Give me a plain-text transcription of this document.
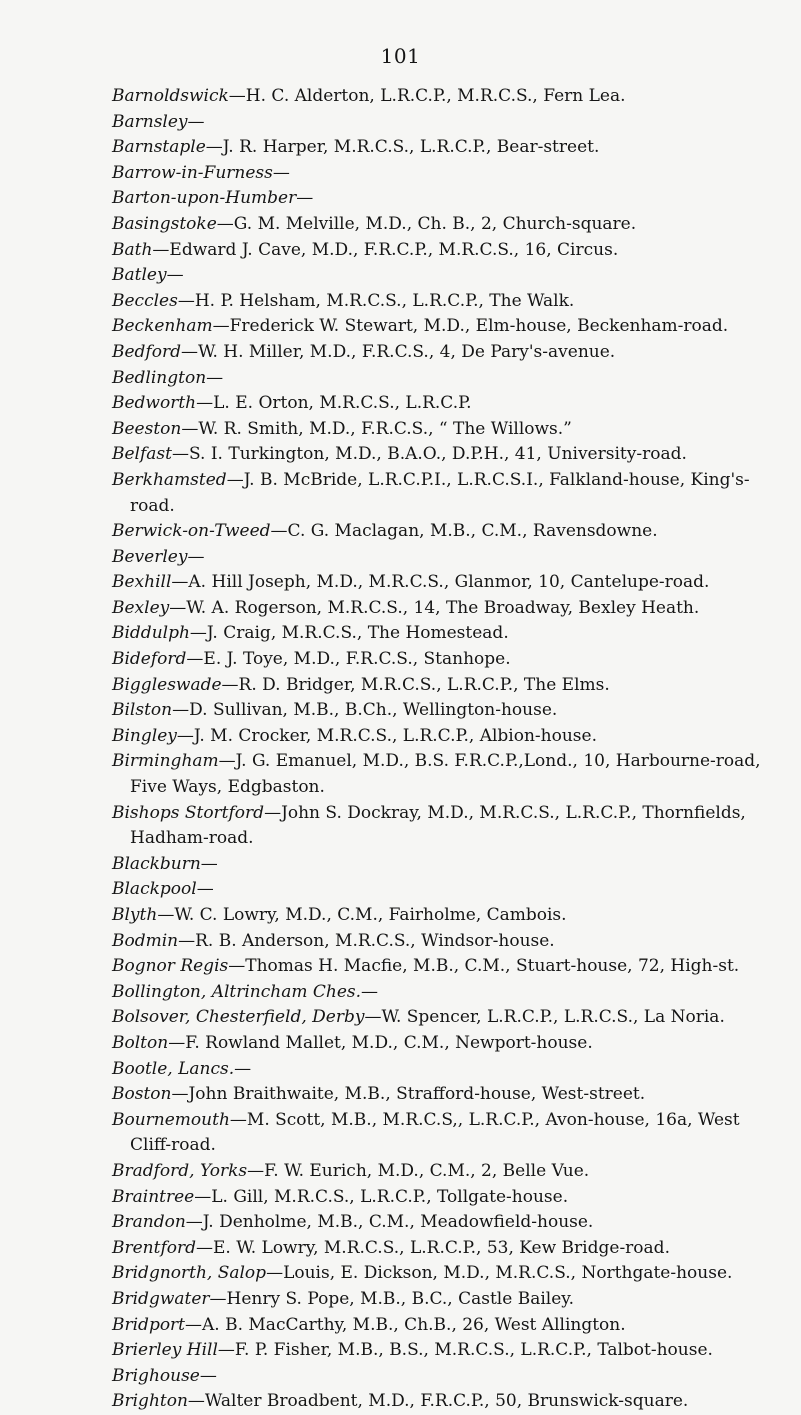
101
Barnoldswick—H. C. Alderton, L.R.C.P., M.R.C.S., Fern Lea.
Barnsley—
Barnstaple—J. R. Harper, M.R.C.S., L.R.C.P., Bear-street.
Barrow-in-Furness—
Barton-upon-Humber—
Basingstoke—G. M. Melville, M.D., Ch. B., 2, Church-square.
Bath—Edward J. Cave, M.D., F.R.C.P., M.R.C.S., 16, Circus.
Batley—
Beccles—H. P. Helsham, M.R.C.S., L.R.C.P., The Walk.
Beckenham—Frederick W. Stewart, M.D., Elm-house, Beckenham-road.
Bedford—W. H. Miller, M.D., F.R.C.S., 4, De Pary's-avenue.
Bedlington—
Bedworth—L. E. Orton, M.R.C.S., L.R.C.P.
Beeston—W. R. Smith, M.D., F.R.C.S., “ The Willows.”
Belfast—S. I. Turkington, M.D., B.A.O., D.P.H., 41, University-road.
Berkhamsted—J. B. McBride, L.R.C.P.I., L.R.C.S.I., Falkland-house, King's-road.
Berwick-on-Tweed—C. G. Maclagan, M.B., C.M., Ravensdowne.
Beverley—
Bexhill—A. Hill Joseph, M.D., M.R.C.S., Glanmor, 10, Cantelupe-road.
Bexley—W. A. Rogerson, M.R.C.S., 14, The Broadway, Bexley Heath.
Biddulph—J. Craig, M.R.C.S., The Homestead.
Bideford—E. J. Toye, M.D., F.R.C.S., Stanhope.
Biggleswade—R. D. Bridger, M.R.C.S., L.R.C.P., The Elms.
Bilston—D. Sullivan, M.B., B.Ch., Wellington-house.
Bingley—J. M. Crocker, M.R.C.S., L.R.C.P., Albion-house.
Birmingham—J. G. Emanuel, M.D., B.S. F.R.C.P.,Lond., 10, Harbourne-road, Five Ways, Edgbaston.
Bishops Stortford—John S. Dockray, M.D., M.R.C.S., L.R.C.P., Thornfields, Hadham-road.
Blackburn—
Blackpool—
Blyth—W. C. Lowry, M.D., C.M., Fairholme, Cambois.
Bodmin—R. B. Anderson, M.R.C.S., Windsor-house.
Bognor Regis—Thomas H. Macfie, M.B., C.M., Stuart-house, 72, High-st.
Bollington, Altrincham Ches.—
Bolsover, Chesterfield, Derby—W. Spencer, L.R.C.P., L.R.C.S., La Noria.
Bolton—F. Rowland Mallet, M.D., C.M., Newport-house.
Bootle, Lancs.—
Boston—John Braithwaite, M.B., Strafford-house, West-street.
Bournemouth—M. Scott, M.B., M.R.C.S,, L.R.C.P., Avon-house, 16a, West Cliff-road.
Bradford, Yorks—F. W. Eurich, M.D., C.M., 2, Belle Vue.
Braintree—L. Gill, M.R.C.S., L.R.C.P., Tollgate-house.
Brandon—J. Denholme, M.B., C.M., Meadowfield-house.
Brentford—E. W. Lowry, M.R.C.S., L.R.C.P., 53, Kew Bridge-road.
Bridgnorth, Salop—Louis, E. Dickson, M.D., M.R.C.S., Northgate-house.
Bridgwater—Henry S. Pope, M.B., B.C., Castle Bailey.
Bridport—A. B. MacCarthy, M.B., Ch.B., 26, West Allington.
Brierley Hill—F. P. Fisher, M.B., B.S., M.R.C.S., L.R.C.P., Talbot-house.
Brighouse—
Brighton—Walter Broadbent, M.D., F.R.C.P., 50, Brunswick-square.
